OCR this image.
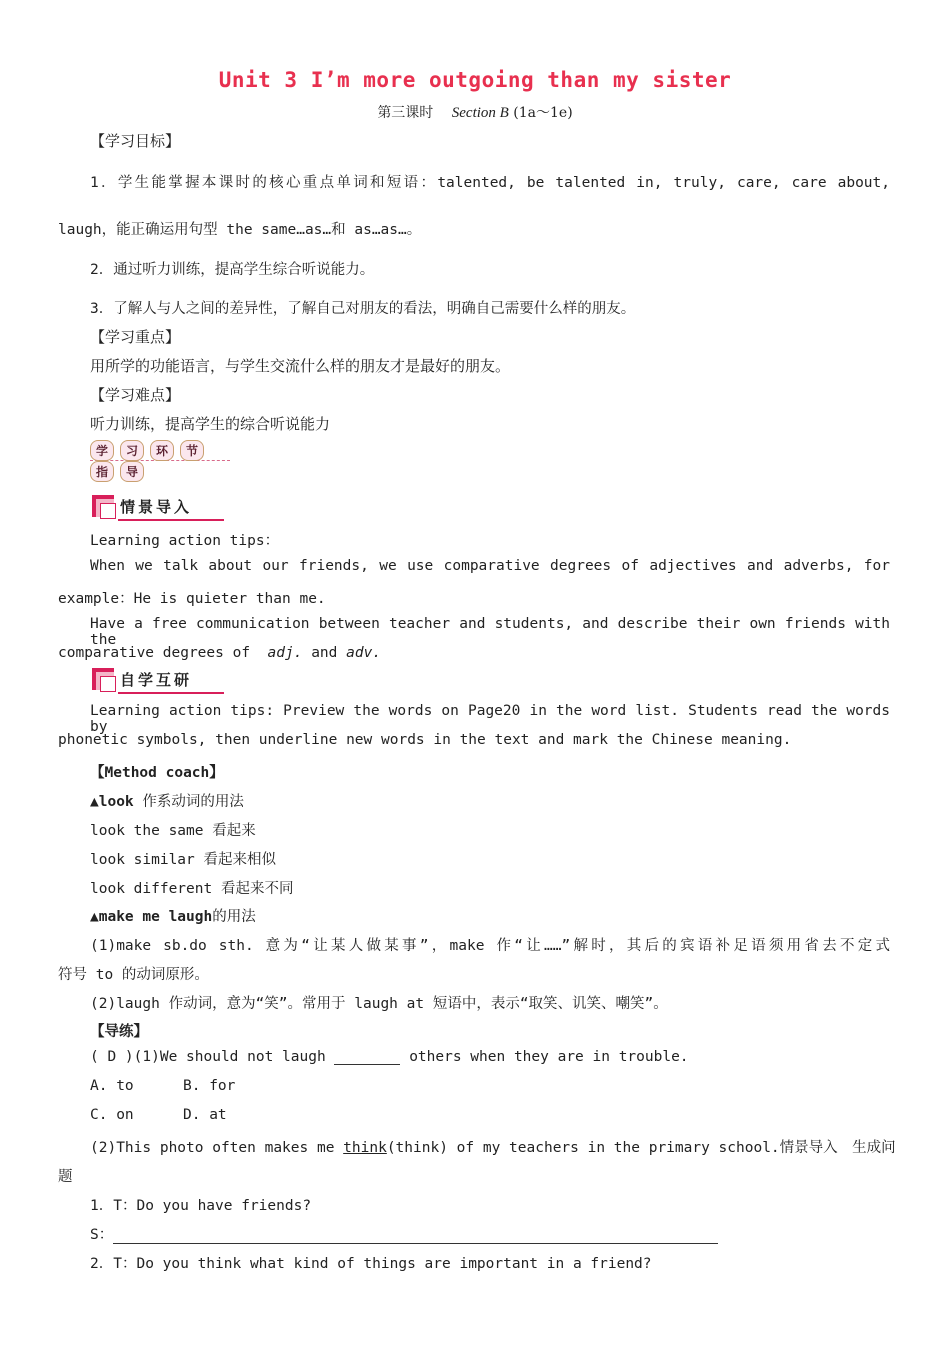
Unit 3 I’m more outgoing than my sister
第三课时 Section B (1a～1e)
【学习目标】
1．学生能掌握本课时的核心重点单词和短语：talented, be talented in, truly, care, care about,
laugh，能正确运用句型 the same…as…和 as…as…。
2．通过听力训练，提高学生综合听说能力。
3．了解人与人之间的差异性，了解自己对朋友的看法，明确自己需要什么样的朋友。
【学习重点】
用所学的功能语言，与学生交流什么样的朋友才是最好的朋友。
【学习难点】
听力训练，提高学生的综合听说能力
学 习 环 节指 导
情景导入
Learning action tips：
When we talk about our friends, we use comparative degrees of adjectives and adverbs, for
example：He is quieter than me.
Have a free communication between teacher and students, and describe their own friends with the
comparative degrees of adj. and adv.
自学互研
Learning action tips: Preview the words on Page20 in the word list. Students read the words by
phonetic symbols, then underline new words in the text and mark the Chinese meaning.
【Method coach】
▲look 作系动词的用法
look the same 看起来
look similar 看起来相似
look different 看起来不同
▲make me laugh的用法
(1)make sb.do sth. 意为“让某人做某事”，make 作“让……”解时，其后的宾语补足语须用省去不定式
符号 to 的动词原形。
(2)laugh 作动词，意为“笑”。常用于 laugh at 短语中，表示“取笑、讥笑、嘲笑”。
【导练】
( D )(1)We should not laugh	others when they are in trouble.
A. to	B. for
C. on	D. at
(2)This photo often makes me think(think) of my teachers in the primary school.情景导入　生成问
题
1．T：Do you have friends?
S：
2．T：Do you think what kind of things are important in a friend?
